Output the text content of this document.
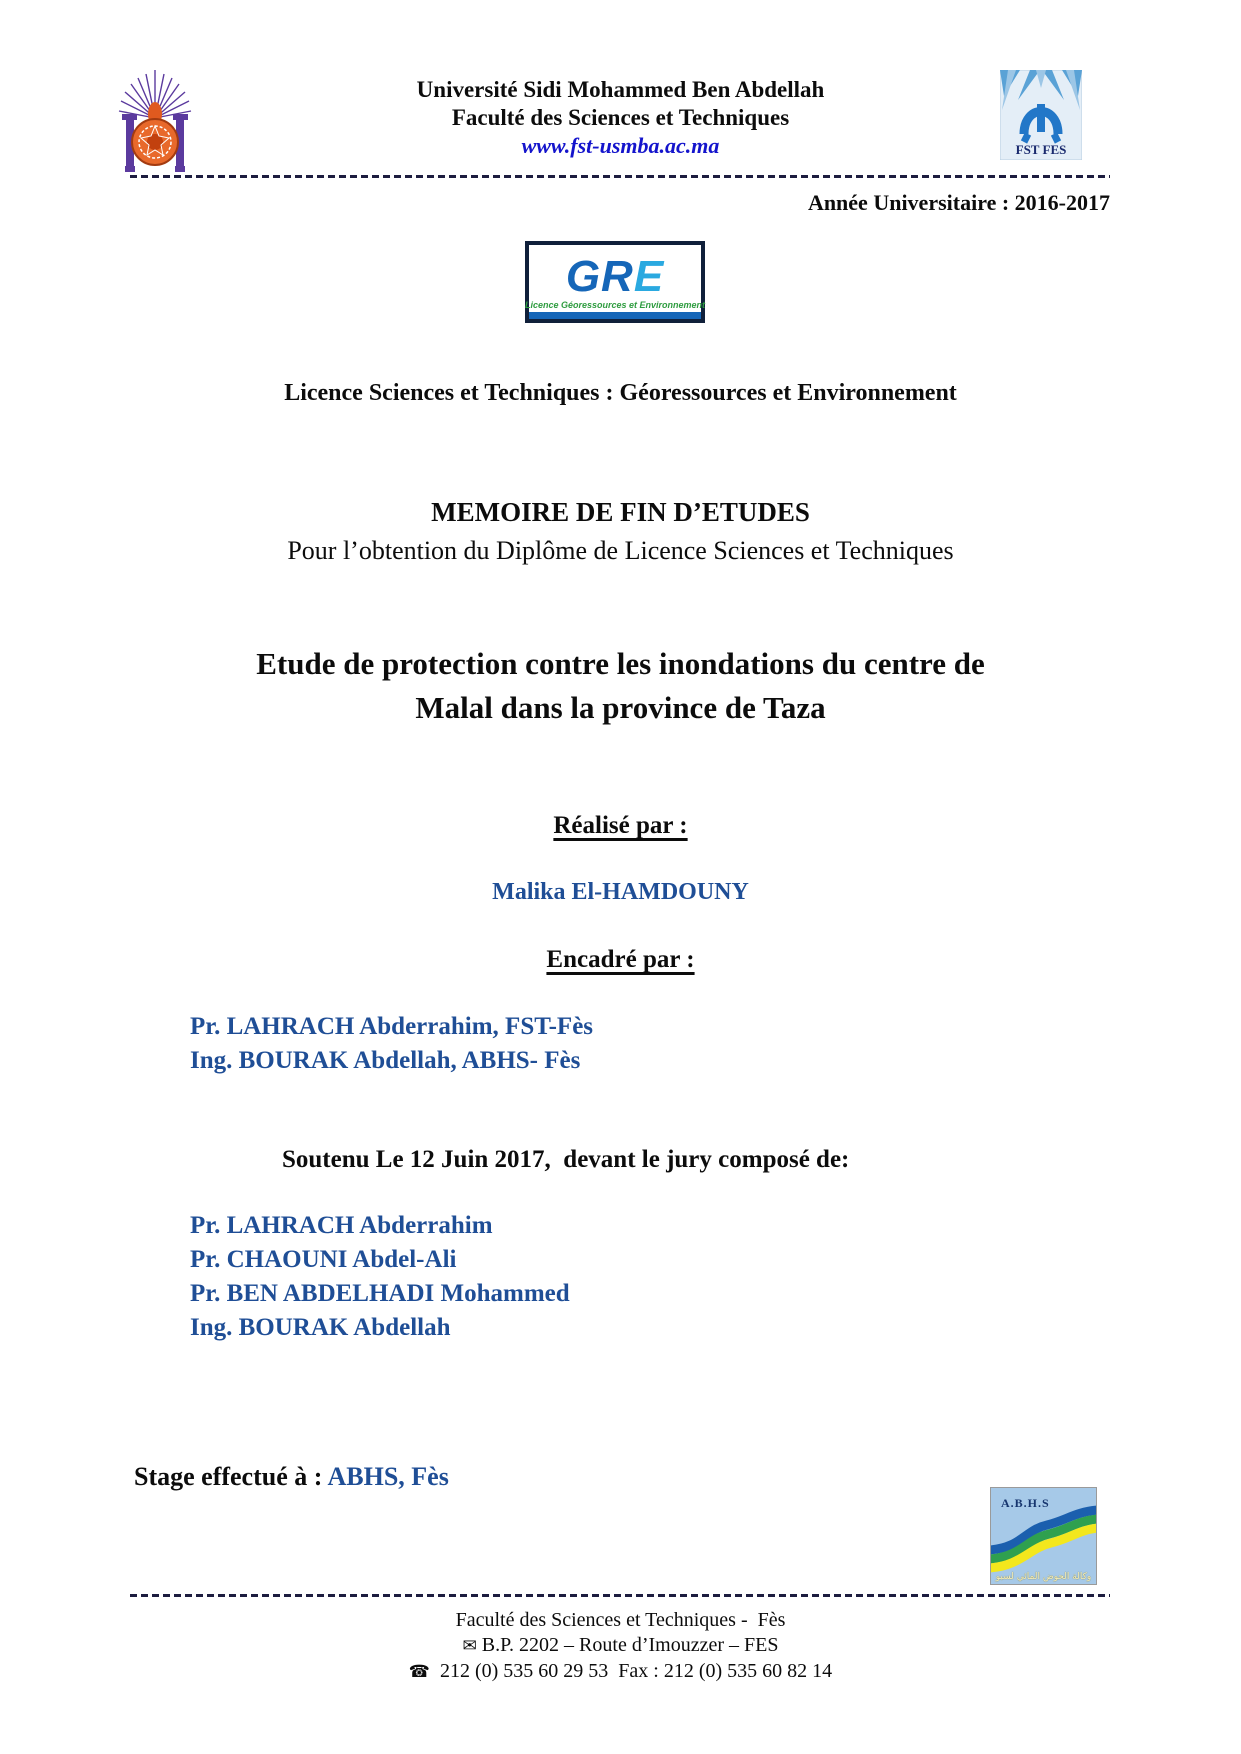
Université Sidi Mohammed Ben Abdellah
Faculté des Sciences et Techniques
www.fst-usmba.ac.ma	FST FES
Année Universitaire : 2016-2017
GRE
Licence Géoressources et Environnement
Licence Sciences et Techniques : Géoressources et Environnement
MEMOIRE DE FIN D’ETUDES
Pour l’obtention du Diplôme de Licence Sciences et Techniques
Etude de protection contre les inondations du centre de
Malal dans la province de Taza
Réalisé par :
Malika El-HAMDOUNY
Encadré par :
Pr. LAHRACH Abderrahim, FST-Fès
Ing. BOURAK Abdellah, ABHS- Fès
Soutenu Le 12 Juin 2017,  devant le jury composé de:
Pr. LAHRACH Abderrahim
Pr. CHAOUNI Abdel-Ali
Pr. BEN ABDELHADI Mohammed
Ing. BOURAK Abdellah
Stage effectué à : ABHS, Fès
A.B.H.S
وكالة الحوض المائي لسبو
Faculté des Sciences et Techniques -  Fès
✉ B.P. 2202 – Route d’Imouzzer – FES
☎ 212 (0) 535 60 29 53  Fax : 212 (0) 535 60 82 14
